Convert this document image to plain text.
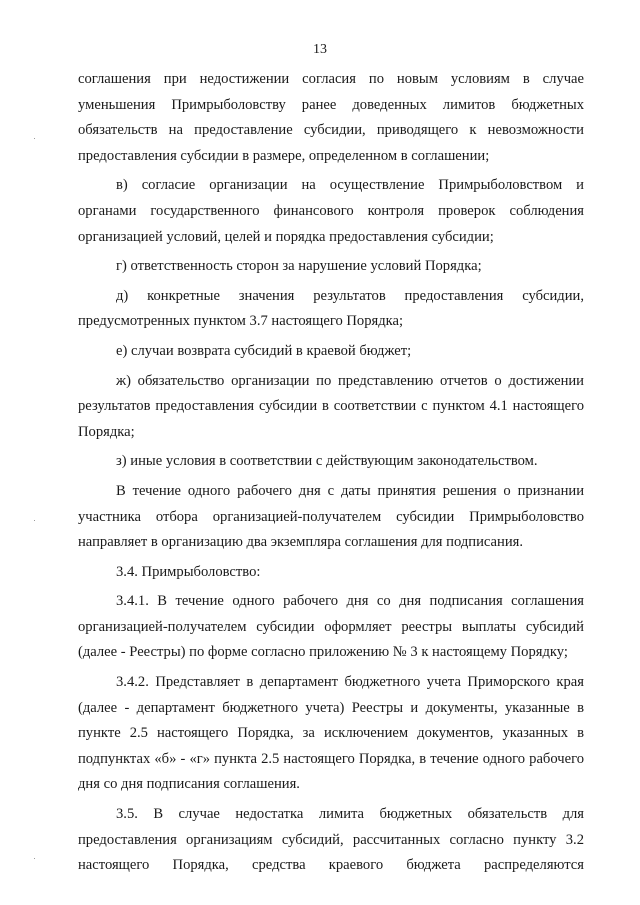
13

соглашения при недостижении согласия по новым условиям в случае уменьшения Примрыболовству ранее доведенных лимитов бюджетных обязательств на предоставление субсидии, приводящего к невозможности предоставления субсидии в размере, определенном в соглашении;

в) согласие организации на осуществление Примрыболовством и органами государственного финансового контроля проверок соблюдения организацией условий, целей и порядка предоставления субсидии;

г) ответственность сторон за нарушение условий Порядка;

д) конкретные значения результатов предоставления субсидии, предусмотренных пунктом 3.7 настоящего Порядка;

е) случаи возврата субсидий в краевой бюджет;

ж) обязательство организации по представлению отчетов о достижении результатов предоставления субсидии в соответствии с пунктом 4.1 настоящего Порядка;

з) иные условия в соответствии с действующим законодательством.

В течение одного рабочего дня с даты принятия решения о признании участника отбора организацией-получателем субсидии Примрыболовство направляет в организацию два экземпляра соглашения для подписания.

3.4. Примрыболовство:

3.4.1. В течение одного рабочего дня со дня подписания соглашения организацией-получателем субсидии оформляет реестры выплаты субсидий (далее - Реестры) по форме согласно приложению № 3 к настоящему Порядку;

3.4.2. Представляет в департамент бюджетного учета Приморского края (далее - департамент бюджетного учета) Реестры и документы, указанные в пункте 2.5 настоящего Порядка, за исключением документов, указанных в подпунктах «б» - «г» пункта 2.5 настоящего Порядка, в течение одного рабочего дня со дня подписания соглашения.

3.5. В случае недостатка лимита бюджетных обязательств для предоставления организациям субсидий, рассчитанных согласно пункту 3.2 настоящего Порядка, средства краевого бюджета распределяются
